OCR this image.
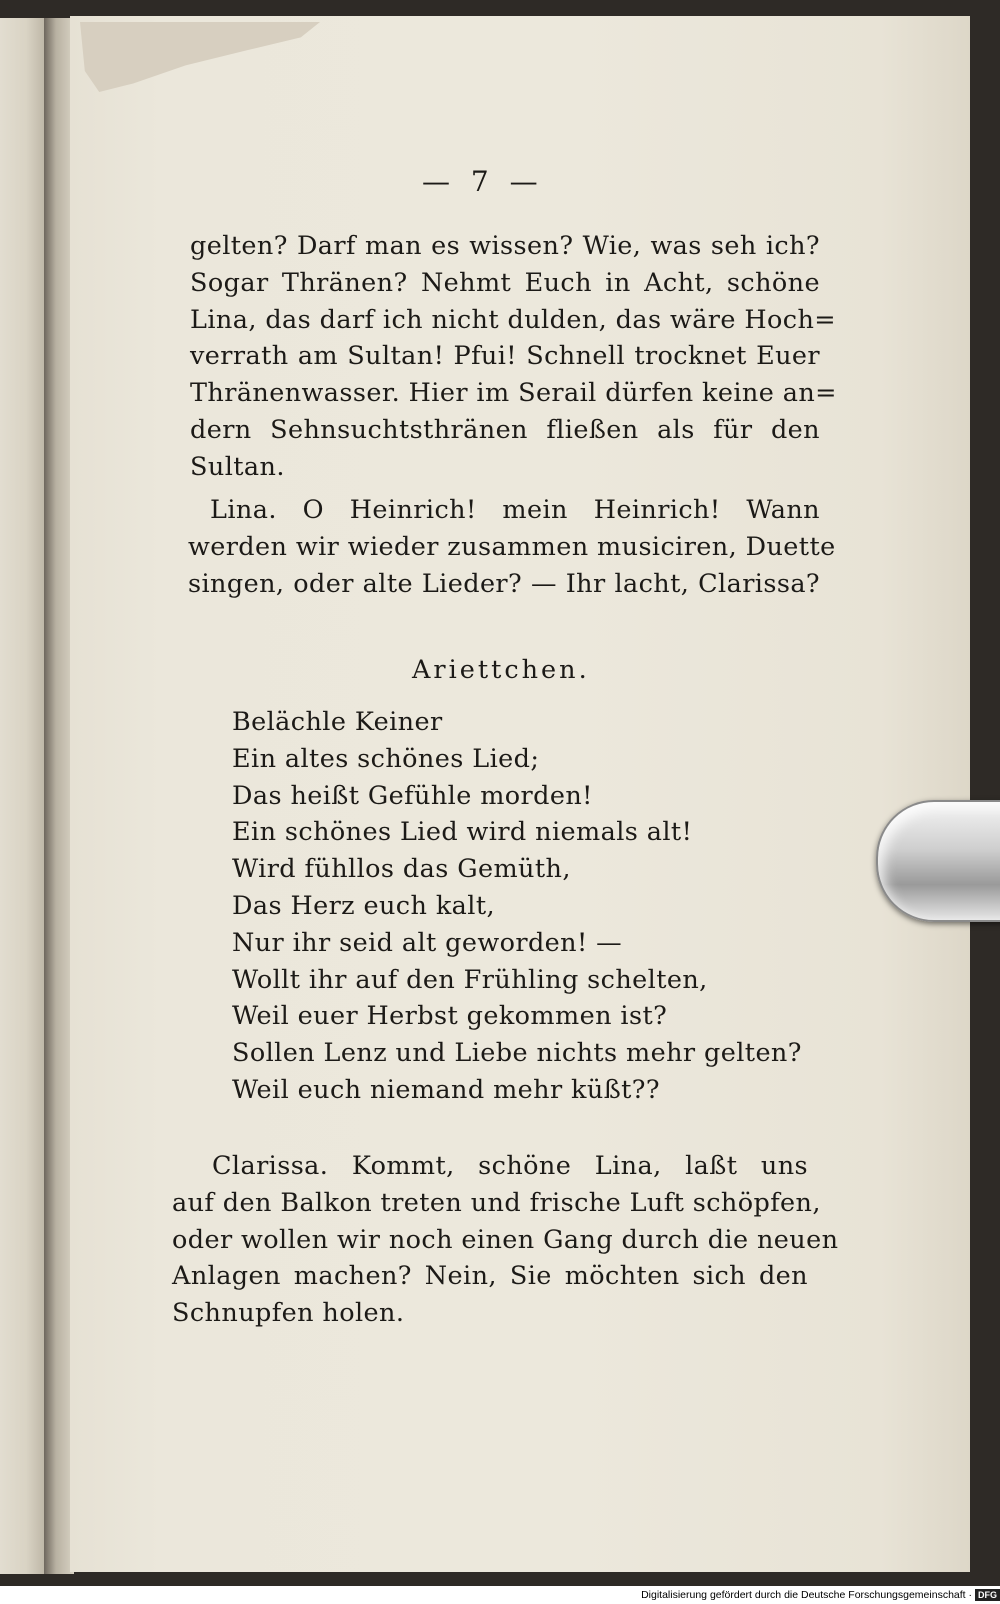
— 7 —
gelten? Darf man es wissen? Wie, was seh ich?
Sogar Thränen? Nehmt Euch in Acht, schöne
Lina, das darf ich nicht dulden, das wäre Hoch=
verrath am Sultan! Pfui! Schnell trocknet Euer
Thränenwasser. Hier im Serail dürfen keine an=
dern Sehnsuchtsthränen fließen als für den
Sultan.
Lina. O Heinrich! mein Heinrich! Wann
werden wir wieder zusammen musiciren, Duette
singen, oder alte Lieder? — Ihr lacht, Clarissa?
Ariettchen.
Belächle Keiner
Ein altes schönes Lied;
Das heißt Gefühle morden!
Ein schönes Lied wird niemals alt!
Wird fühllos das Gemüth,
Das Herz euch kalt,
Nur ihr seid alt geworden! —
Wollt ihr auf den Frühling schelten,
Weil euer Herbst gekommen ist?
Sollen Lenz und Liebe nichts mehr gelten?
Weil euch niemand mehr küßt??
Clarissa. Kommt, schöne Lina, laßt uns
auf den Balkon treten und frische Luft schöpfen,
oder wollen wir noch einen Gang durch die neuen
Anlagen machen? Nein, Sie möchten sich den
Schnupfen holen.
Digitalisierung gefördert durch die Deutsche Forschungsgemeinschaft · DFG
